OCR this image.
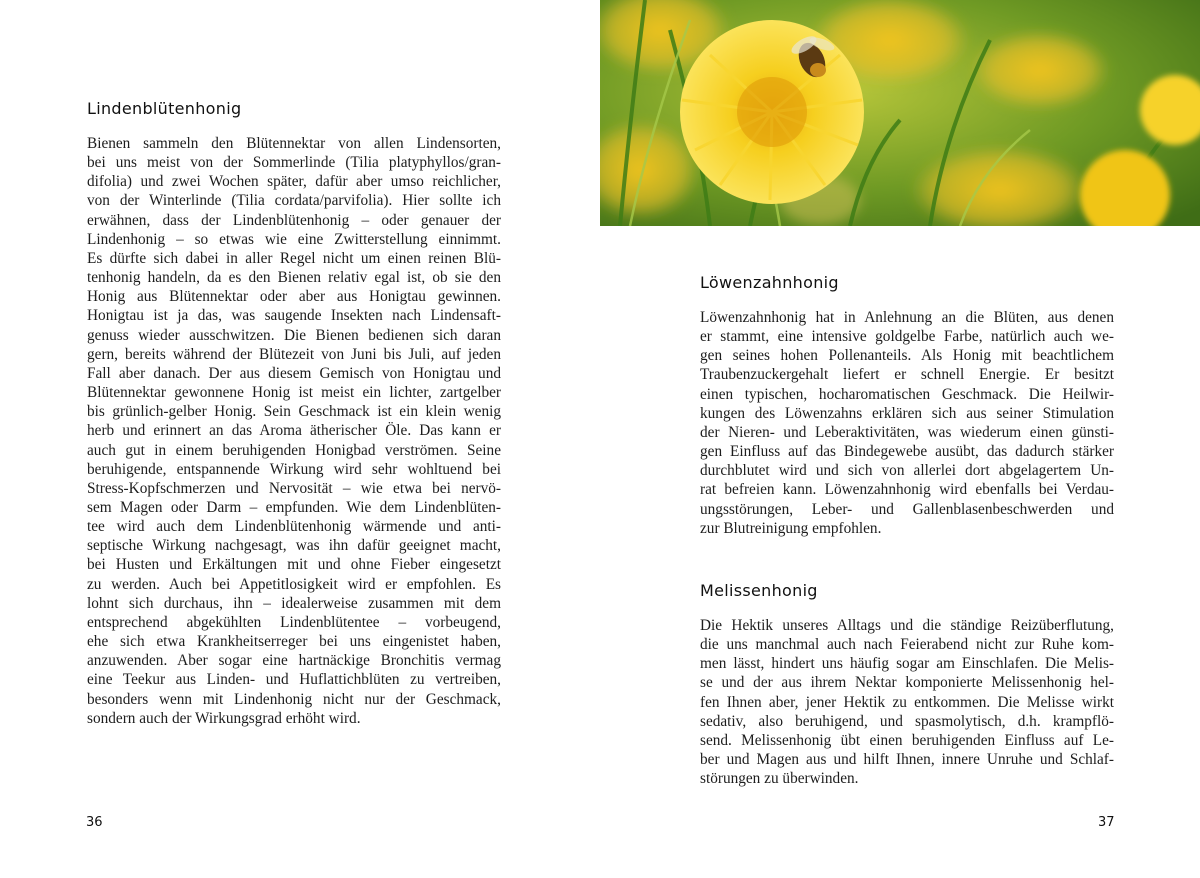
Lindenblütenhonig
Bienen sammeln den Blütennektar von allen Lindensorten,
bei uns meist von der Sommerlinde (Tilia platyphyllos/gran-
difolia) und zwei Wochen später, dafür aber umso reichlicher,
von der Winterlinde (Tilia cordata/parvifolia). Hier sollte ich
erwähnen, dass der Lindenblütenhonig – oder genauer der
Lindenhonig – so etwas wie eine Zwitterstellung einnimmt.
Es dürfte sich dabei in aller Regel nicht um einen reinen Blü-
tenhonig handeln, da es den Bienen relativ egal ist, ob sie den
Honig aus Blütennektar oder aber aus Honigtau gewinnen.
Honigtau ist ja das, was saugende Insekten nach Lindensaft-
genuss wieder ausschwitzen. Die Bienen bedienen sich daran
gern, bereits während der Blütezeit von Juni bis Juli, auf jeden
Fall aber danach. Der aus diesem Gemisch von Honigtau und
Blütennektar gewonnene Honig ist meist ein lichter, zartgelber
bis grünlich-gelber Honig. Sein Geschmack ist ein klein wenig
herb und erinnert an das Aroma ätherischer Öle. Das kann er
auch gut in einem beruhigenden Honigbad verströmen. Seine
beruhigende, entspannende Wirkung wird sehr wohltuend bei
Stress-Kopfschmerzen und Nervosität – wie etwa bei nervö-
sem Magen oder Darm – empfunden. Wie dem Lindenblüten-
tee wird auch dem Lindenblütenhonig wärmende und anti-
septische Wirkung nachgesagt, was ihn dafür geeignet macht,
bei Husten und Erkältungen mit und ohne Fieber eingesetzt
zu werden. Auch bei Appetitlosigkeit wird er empfohlen. Es
lohnt sich durchaus, ihn – idealerweise zusammen mit dem
entsprechend abgekühlten Lindenblütentee – vorbeugend,
ehe sich etwa Krankheitserreger bei uns eingenistet haben,
anzuwenden. Aber sogar eine hartnäckige Bronchitis vermag
eine Teekur aus Linden- und Huflattichblüten zu vertreiben,
besonders wenn mit Lindenhonig nicht nur der Geschmack,
sondern auch der Wirkungsgrad erhöht wird.
36
Löwenzahnhonig
Löwenzahnhonig hat in Anlehnung an die Blüten, aus denen
er stammt, eine intensive goldgelbe Farbe, natürlich auch we-
gen seines hohen Pollenanteils. Als Honig mit beachtlichem
Traubenzuckergehalt liefert er schnell Energie. Er besitzt
einen typischen, hocharomatischen Geschmack. Die Heilwir-
kungen des Löwenzahns erklären sich aus seiner Stimulation
der Nieren- und Leberaktivitäten, was wiederum einen günsti-
gen Einfluss auf das Bindegewebe ausübt, das dadurch stärker
durchblutet wird und sich von allerlei dort abgelagertem Un-
rat befreien kann. Löwenzahnhonig wird ebenfalls bei Verdau-
ungsstörungen, Leber- und Gallenblasenbeschwerden und
zur Blutreinigung empfohlen.
Melissenhonig
Die Hektik unseres Alltags und die ständige Reizüberflutung,
die uns manchmal auch nach Feierabend nicht zur Ruhe kom-
men lässt, hindert uns häufig sogar am Einschlafen. Die Melis-
se und der aus ihrem Nektar komponierte Melissenhonig hel-
fen Ihnen aber, jener Hektik zu entkommen. Die Melisse wirkt
sedativ, also beruhigend, und spasmolytisch, d.h. krampflö-
send. Melissenhonig übt einen beruhigenden Einfluss auf Le-
ber und Magen aus und hilft Ihnen, innere Unruhe und Schlaf-
störungen zu überwinden.
37
